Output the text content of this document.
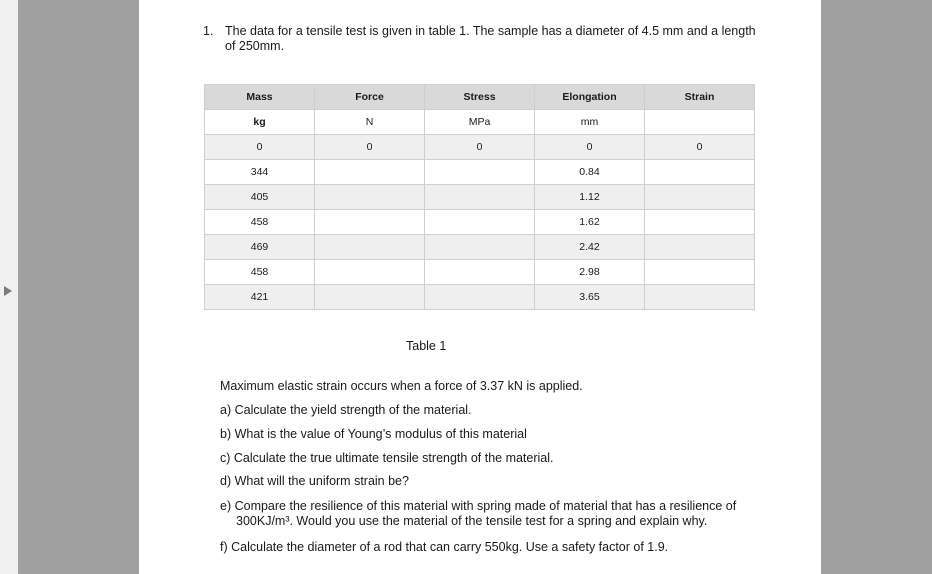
1. The data for a tensile test is given in table 1. The sample has a diameter of 4.5 mm and a length of 250mm.
Mass	Force	Stress	Elongation	Strain
kg	N	MPa	mm	
0	0	0	0	0
344			0.84	
405			1.12	
458			1.62	
469			2.42	
458			2.98	
421			3.65	
Table 1
Maximum elastic strain occurs when a force of 3.37 kN is applied.
a) Calculate the yield strength of the material.
b) What is the value of Young’s modulus of this material
c) Calculate the true ultimate tensile strength of the material.
d) What will the uniform strain be?
e) Compare the resilience of this material with spring made of material that has a resilience of
300KJ/m³. Would you use the material of the tensile test for a spring and explain why.
f) Calculate the diameter of a rod that can carry 550kg. Use a safety factor of 1.9.
